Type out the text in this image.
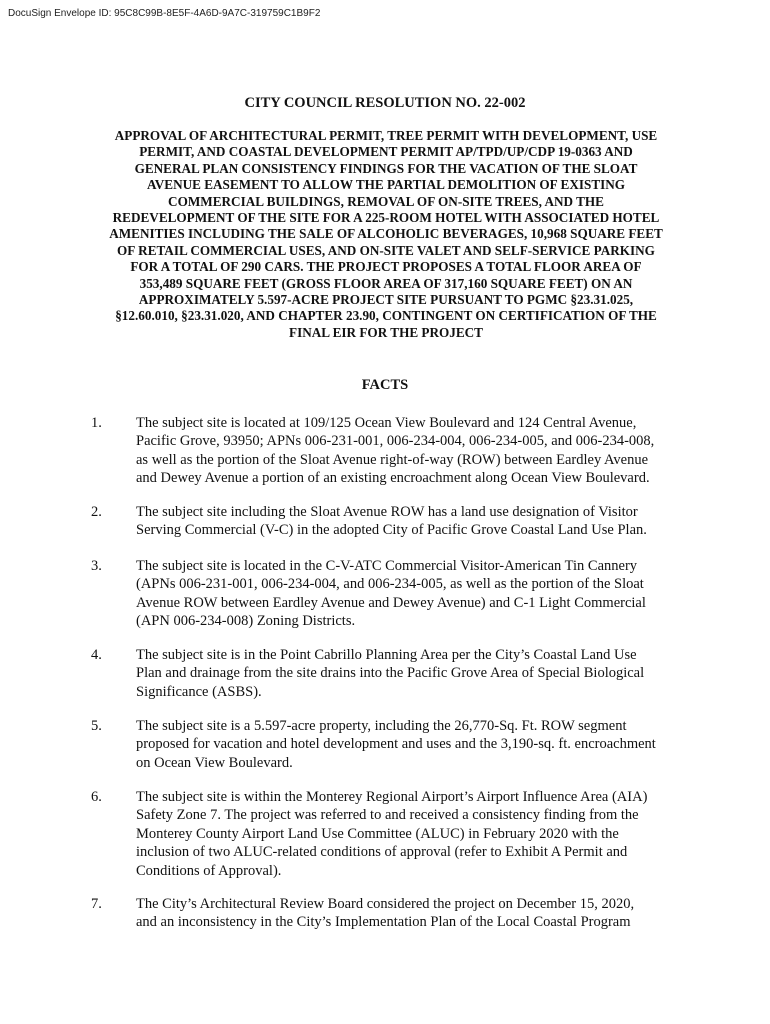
DocuSign Envelope ID: 95C8C99B-8E5F-4A6D-9A7C-319759C1B9F2
CITY COUNCIL RESOLUTION NO. 22-002
APPROVAL OF ARCHITECTURAL PERMIT, TREE PERMIT WITH DEVELOPMENT, USE
PERMIT, AND COASTAL DEVELOPMENT PERMIT AP/TPD/UP/CDP 19-0363 AND
GENERAL PLAN CONSISTENCY FINDINGS FOR THE VACATION OF THE SLOAT
AVENUE EASEMENT TO ALLOW THE PARTIAL DEMOLITION OF EXISTING
COMMERCIAL BUILDINGS, REMOVAL OF ON-SITE TREES, AND THE
REDEVELOPMENT OF THE SITE FOR A 225-ROOM HOTEL WITH ASSOCIATED HOTEL
AMENITIES INCLUDING THE SALE OF ALCOHOLIC BEVERAGES, 10,968 SQUARE FEET
OF RETAIL COMMERCIAL USES, AND ON-SITE VALET AND SELF-SERVICE PARKING
FOR A TOTAL OF 290 CARS. THE PROJECT PROPOSES A TOTAL FLOOR AREA OF
353,489 SQUARE FEET (GROSS FLOOR AREA OF 317,160 SQUARE FEET) ON AN
APPROXIMATELY 5.597-ACRE PROJECT SITE PURSUANT TO PGMC §23.31.025,
§12.60.010, §23.31.020, AND CHAPTER 23.90, CONTINGENT ON CERTIFICATION OF THE
FINAL EIR FOR THE PROJECT
FACTS
1. The subject site is located at 109/125 Ocean View Boulevard and 124 Central Avenue,
Pacific Grove, 93950; APNs 006-231-001, 006-234-004, 006-234-005, and 006-234-008,
as well as the portion of the Sloat Avenue right-of-way (ROW) between Eardley Avenue
and Dewey Avenue a portion of an existing encroachment along Ocean View Boulevard.
2. The subject site including the Sloat Avenue ROW has a land use designation of Visitor
Serving Commercial (V-C) in the adopted City of Pacific Grove Coastal Land Use Plan.
3. The subject site is located in the C-V-ATC Commercial Visitor-American Tin Cannery
(APNs 006-231-001, 006-234-004, and 006-234-005, as well as the portion of the Sloat
Avenue ROW between Eardley Avenue and Dewey Avenue) and C-1 Light Commercial
(APN 006-234-008) Zoning Districts.
4. The subject site is in the Point Cabrillo Planning Area per the City’s Coastal Land Use
Plan and drainage from the site drains into the Pacific Grove Area of Special Biological
Significance (ASBS).
5. The subject site is a 5.597-acre property, including the 26,770-Sq. Ft. ROW segment
proposed for vacation and hotel development and uses and the 3,190-sq. ft. encroachment
on Ocean View Boulevard.
6. The subject site is within the Monterey Regional Airport’s Airport Influence Area (AIA)
Safety Zone 7. The project was referred to and received a consistency finding from the
Monterey County Airport Land Use Committee (ALUC) in February 2020 with the
inclusion of two ALUC-related conditions of approval (refer to Exhibit A Permit and
Conditions of Approval).
7. The City’s Architectural Review Board considered the project on December 15, 2020,
and an inconsistency in the City’s Implementation Plan of the Local Coastal Program
